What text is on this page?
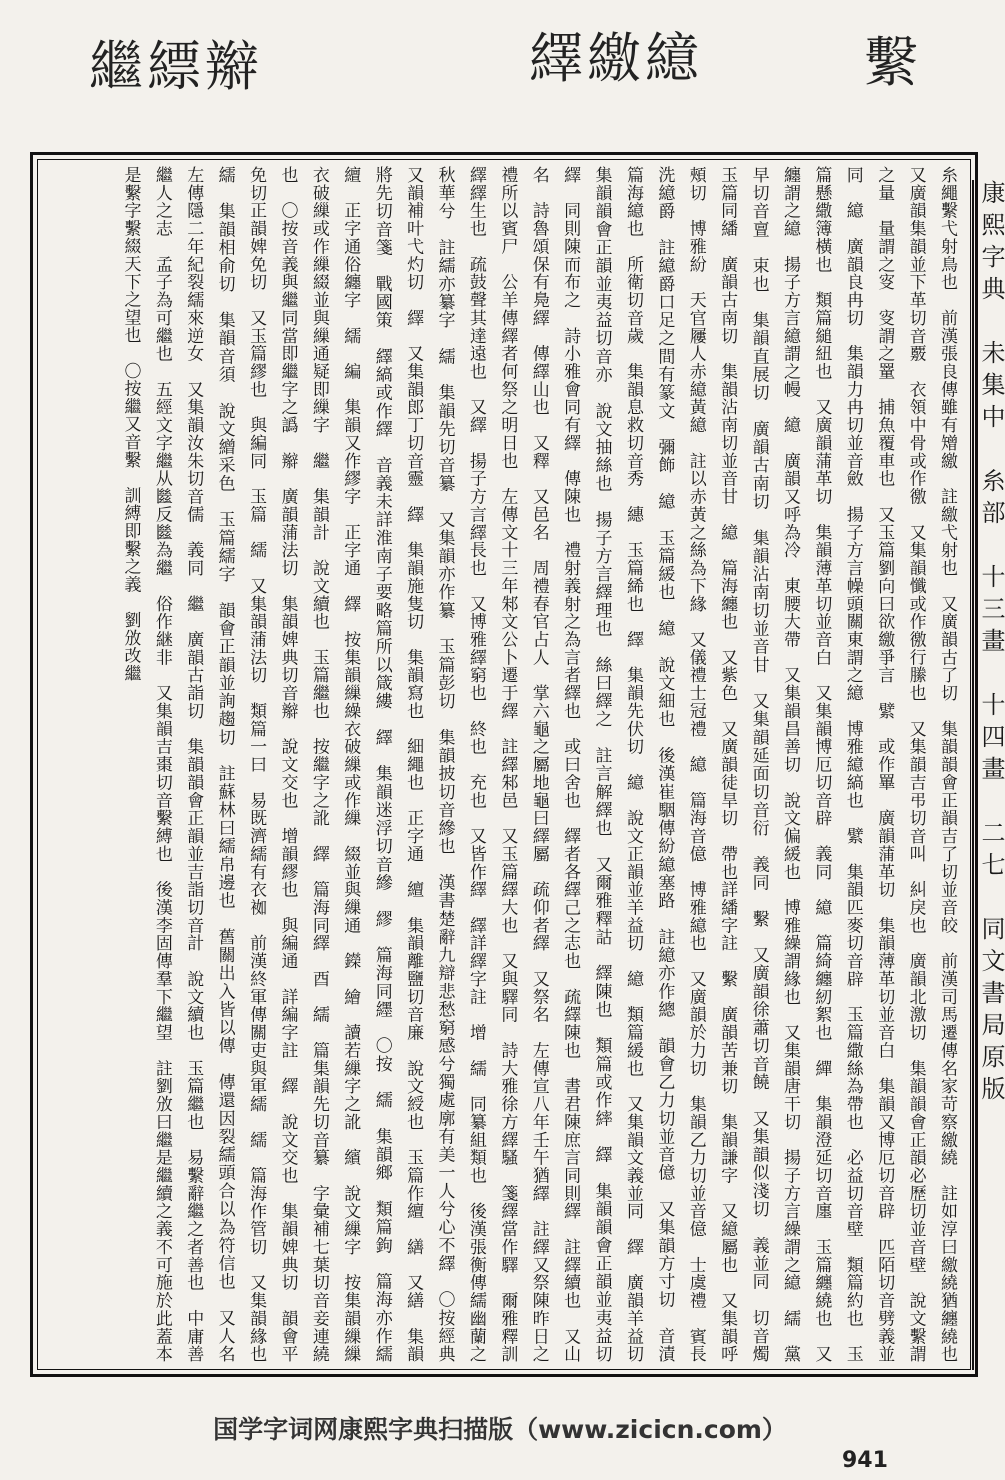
繼 縹 辮	繹 繳 繶	繫

糸繩繫弋射鳥也　前漢張良傳雖有矰繳　註繳弋射也　又廣韻古了切　集韻韻會正韻吉了切並音皎　前漢司馬遷傳名家苛察繳繞　註如淳曰繳繞猶纏繞也　又廣韻集韻並下革切音覈　衣領中骨或作徼　又集韻懺或作徼行縢也　又集韻吉弔切音叫　糾戾也　廣韻北激切　集韻韻會正韻必歷切並音壁　說文繫謂之量　量謂之叜　叜謂之罿　捕魚覆車也　又玉篇劉向曰欲繳爭言　繴　或作罼　廣韻蒲革切　集韻薄革切並音白　集韻又博厄切音辟　匹陌切音劈義並同　繶　廣韻良冉切　集韻力冉切並音斂　揚子方言幧頭關東謂之繶　博雅繶縞也　繴　集韻匹麥切音辟　玉篇繖絲為帶也　必益切音壁　類篇約也　玉篇懸繖簿橫也　類篇縋紐也　又廣韻蒲革切　集韻薄革切並音白　又集韻博厄切音辟　義同　繶　篇綺纏紉絮也　繟　集韻澄延切音廛　玉篇纏繞也　又纏謂之繶　揚子方言繶謂之幔　繶　廣韻又呼為冷　東腰大帶　又集韻昌善切　說文偏緩也　博雅繰謂緣也　又集韻唐干切　揚子方言繰謂之繶　繻　黨早切音亶　束也　集韻直展切　廣韻古南切　集韻沾南切並音甘　又集韻延面切音衍　義同　繫　又廣韻徐蕭切音饒　又集韻似淺切　義並同　切音燭　玉篇同繙　廣韻古南切　集韻沾南切並音甘　繶　篇海纏也　又紫色　又廣韻徒旱切　帶也詳繙字註　繫　廣韻苦兼切　集韻謙字　又繶屬也　又集韻呼頰切　博雅紛　天官屨人赤繶黃繶　註以赤黃之絲為下緣　又儀禮士冠禮　繶　篇海音億　博雅繶也　又廣韻於力切　集韻乙力切並音億　士虞禮　賓長洗繶爵　註繶爵口足之間有篆文　彌飾　繶　玉篇緩也　繶　說文細也　後漢崔駰傳紛繶塞路　註繶亦作總　韻會乙力切並音億　又集韻方寸切　音漬　篇海繶也　所衛切音歲　集韻息救切音秀　繐　玉篇絺也　繹　集韻先伏切　繶　說文正韻並羊益切　繶　類篇緩也　又集韻文義並同　繹　廣韻羊益切　集韻韻會正韻並夷益切音亦　說文抽絲也　揚子方言繹理也　絲曰繹之　註言解繹也　又爾雅釋詁　繹陳也　類篇或作繂　繹　集韻韻會正韻並夷益切　繹　同則陳而布之　詩小雅會同有繹　傳陳也　禮射義射之為言者繹也　或曰舍也　繹者各繹己之志也　疏繹陳也　書君陳庶言同則繹　註繹續也　又山名　詩魯頌保有鳧繹　傳繹山也　又釋　又邑名　周禮春官占人　掌六龜之屬地龜曰繹屬　疏仰者繹　又祭名　左傳宣八年壬午猶繹　註繹又祭陳昨日之禮所以賓尸　公羊傳繹者何祭之明日也　左傳文十三年邾文公卜遷于繹　註繹邾邑　又玉篇繹大也　又與驛同　詩大雅徐方繹騷　箋繹當作驛　爾雅釋訓繹繹生也　疏鼓聲其達遠也　又繹　揚子方言繹長也　又博雅繹窮也　終也　充也　又皆作繹　繹詳繹字註　增　繻　同纂組類也　後漢張衡傳繻幽蘭之秋華兮　註繻亦纂字　繻　集韻先切音纂　又集韻亦作纂　玉篇彭切　集韻披切音縿也　漢書楚辭九辯悲愁窮感兮獨處廓有美一人兮心不繹　〇按經典　又韻補叶弋灼切　繹　又集韻郎丁切音靈　繹　集韻施隻切　集韻寫也　細繩也　正字通　繵　集韻離鹽切音廉　說文綬也　玉篇作繵　繕　又繕　集韻將先切音箋　戰國策　繹縞或作繹　音義未詳淮南子要略篇所以箴縷　繹　集韻迷浮切音縿　繆　篇海同纆　〇按　繻　集韻鄉　類篇鉤　篇海亦作繻　繵　正字通俗纏字　繻　編　集韻又作繆字　正字通　繹　按集韻繅繰衣破繅或作繅　綴並與繅通　鑅　繪　讀若繅字之訛　繽　說文繅字　按集韻繅繅衣破繅或作繅綴並與繅通疑即繅字　繼　集韻計　說文續也　玉篇繼也　按繼字之訛　繹　篇海同繹　酉　繻　篇集韻先切音纂　字彙補七葉切音妾連繞也　〇按音義與繼同當即繼字之譌　辮　廣韻蒲法切　集韻婢典切音辮　說文交也　增韻繆也　與編通　詳編字註　繹　說文交也　集韻婢典切　韻會平免切正韻婢免切　又玉篇繆也　與編同　玉篇　繻　又集韻蒲法切　類篇一曰　易既濟繻有衣袽　前漢終軍傳關吏與軍繻　繻　篇海作管切　又集韻緣也　繻　集韻相俞切　集韻音須　說文繒采色　玉篇繻字　韻會正韻並詢趨切　註蘇林曰繻帛邊也　舊關出入皆以傳　傳還因裂繻頭合以為符信也　又人名　左傳隱二年紀裂繻來逆女　又集韻汝朱切音儒　義同　繼　廣韻古詣切　集韻韻會正韻並吉詣切音計　說文續也　玉篇繼也　易繫辭繼之者善也　中庸善繼人之志　孟子為可繼也　五經文字繼从㡭反㡭為繼　俗作継非　又集韻吉棗切音繫縛也　後漢李固傳羣下繼望　註劉攽曰繼是繼續之義不可施於此蓋本是繫字繫綴天下之望也　〇按繼又音繫　訓縛即繫之義　劉攽改繼	康熙字典　未集中　糸部　十三畫　十四畫　二七　同文書局原版
国学字词网康熙字典扫描版（www.zicicn.com）
941
